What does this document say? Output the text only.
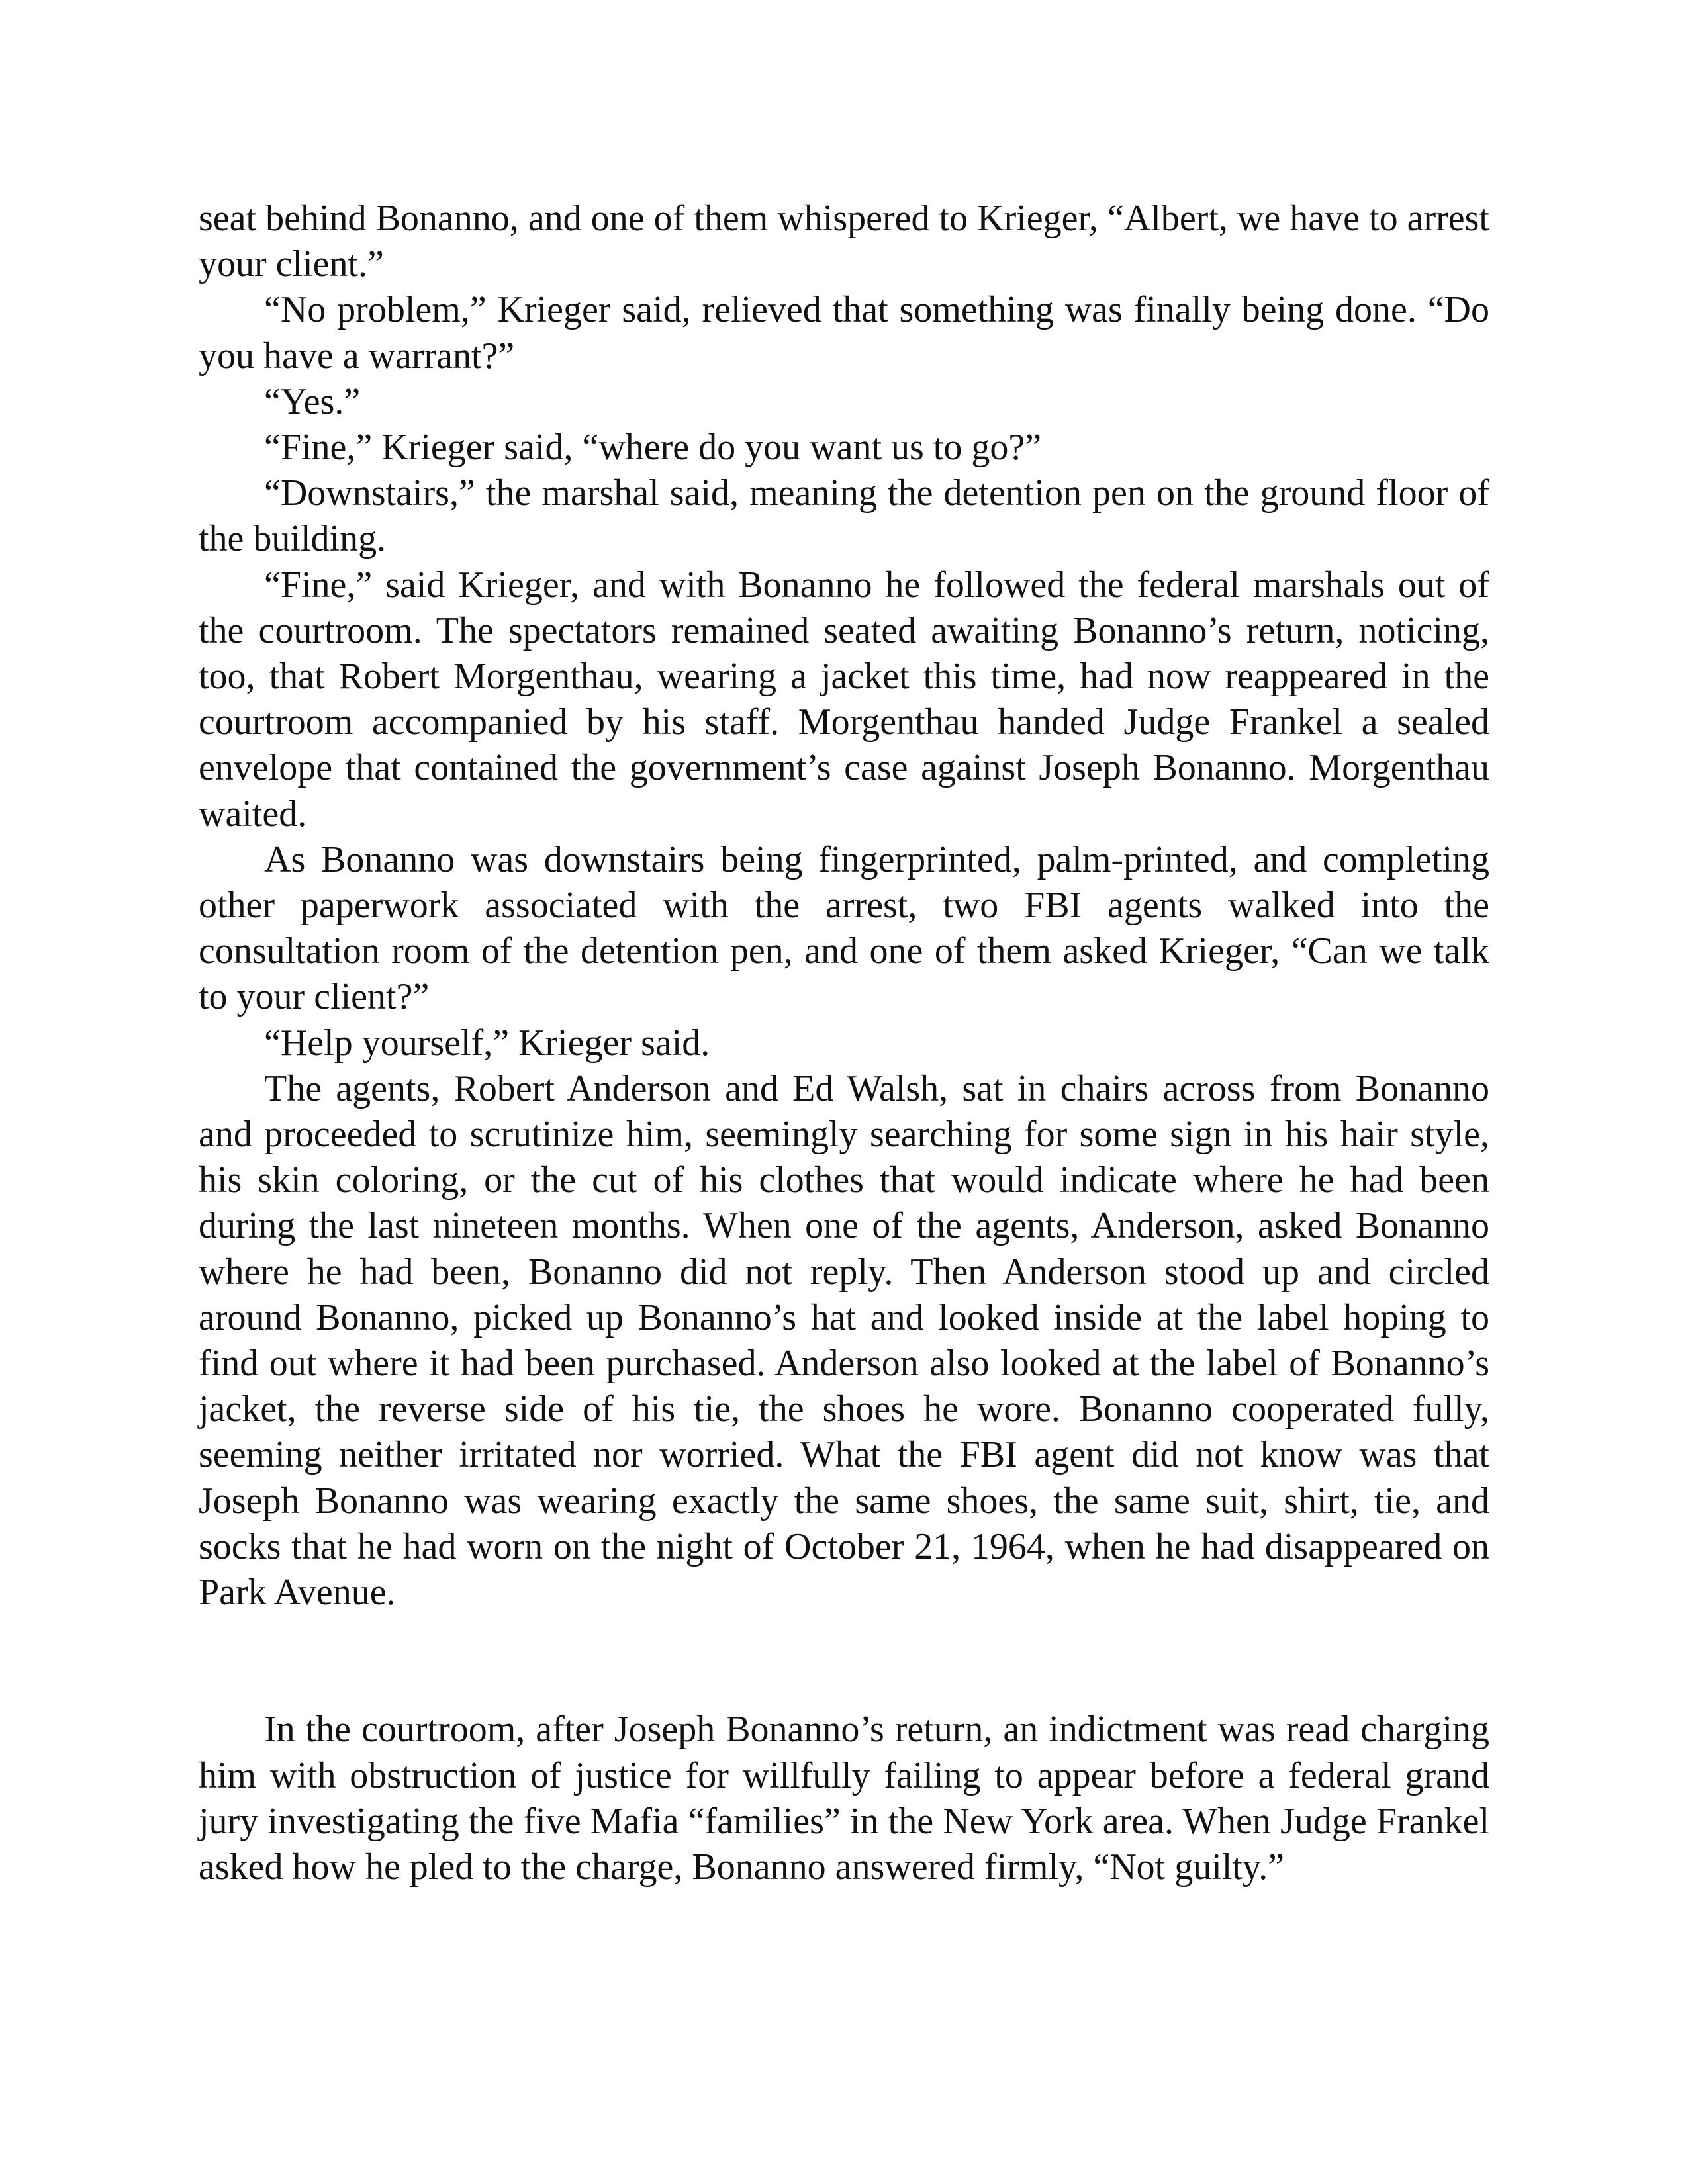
seat behind Bonanno, and one of them whispered to Krieger, “Albert, we have to arrest your client.”

“No problem,” Krieger said, relieved that something was finally being done. “Do you have a warrant?”

“Yes.”

“Fine,” Krieger said, “where do you want us to go?”

“Downstairs,” the marshal said, meaning the detention pen on the ground floor of the building.

“Fine,” said Krieger, and with Bonanno he followed the federal marshals out of the courtroom. The spectators remained seated awaiting Bonanno’s return, noticing, too, that Robert Morgenthau, wearing a jacket this time, had now reappeared in the courtroom accompanied by his staff. Morgenthau handed Judge Frankel a sealed envelope that contained the government’s case against Joseph Bonanno. Morgenthau waited.

As Bonanno was downstairs being fingerprinted, palm-printed, and completing other paperwork associated with the arrest, two FBI agents walked into the consultation room of the detention pen, and one of them asked Krieger, “Can we talk to your client?”

“Help yourself,” Krieger said.

The agents, Robert Anderson and Ed Walsh, sat in chairs across from Bonanno and proceeded to scrutinize him, seemingly searching for some sign in his hair style, his skin coloring, or the cut of his clothes that would indicate where he had been during the last nineteen months. When one of the agents, Anderson, asked Bonanno where he had been, Bonanno did not reply. Then Anderson stood up and circled around Bonanno, picked up Bonanno’s hat and looked inside at the label hoping to find out where it had been purchased. Anderson also looked at the label of Bonanno’s jacket, the reverse side of his tie, the shoes he wore. Bonanno cooperated fully, seeming neither irritated nor worried. What the FBI agent did not know was that Joseph Bonanno was wearing exactly the same shoes, the same suit, shirt, tie, and socks that he had worn on the night of October 21, 1964, when he had disappeared on Park Avenue.

In the courtroom, after Joseph Bonanno’s return, an indictment was read charging him with obstruction of justice for willfully failing to appear before a federal grand jury investigating the five Mafia “families” in the New York area. When Judge Frankel asked how he pled to the charge, Bonanno answered firmly, “Not guilty.”
